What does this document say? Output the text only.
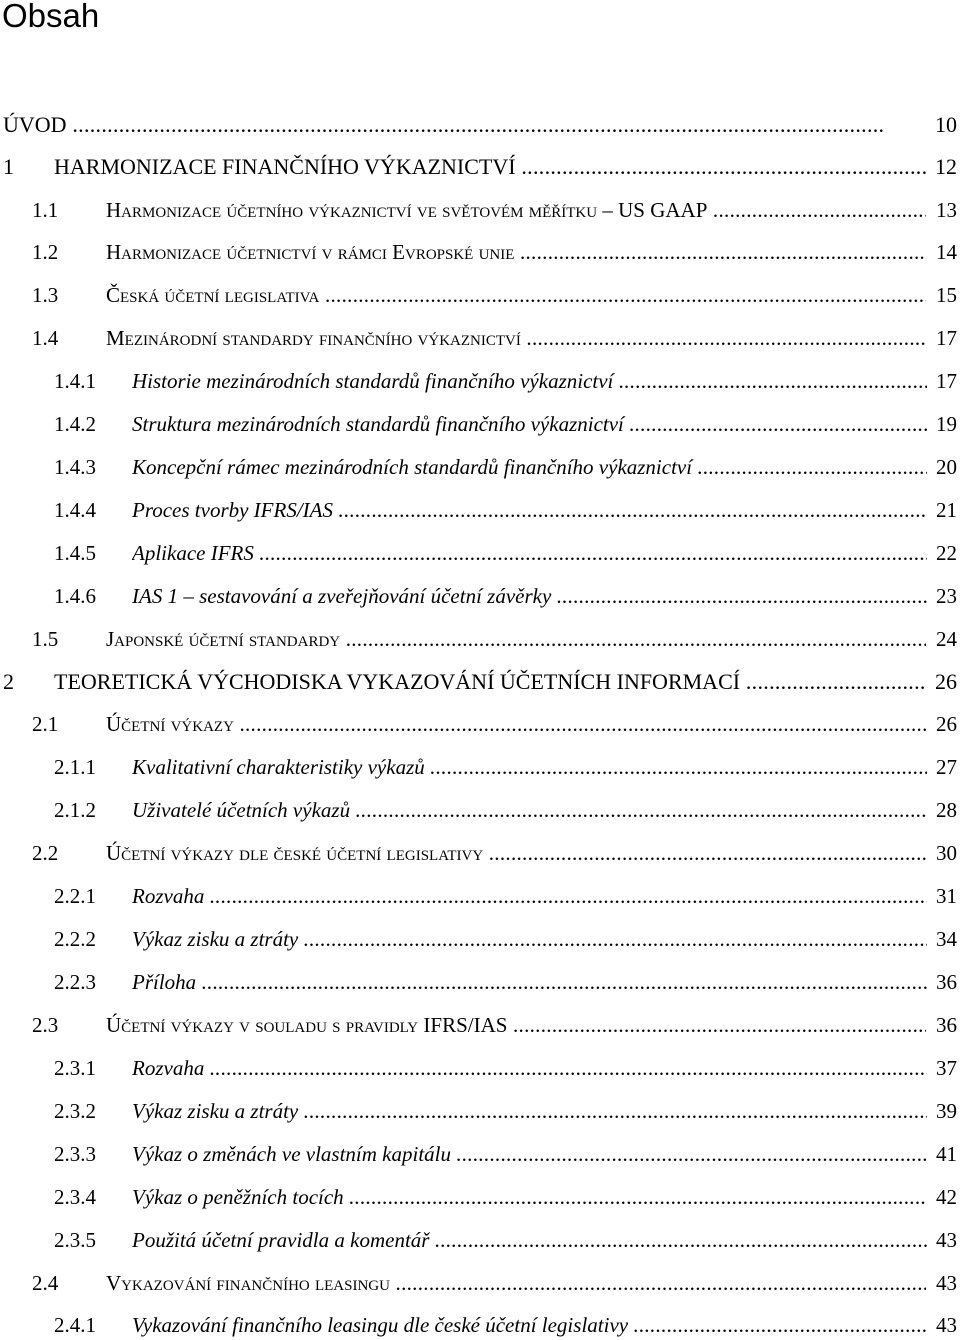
Obsah
ÚVOD .....	10
1 HARMONIZACE FINANČNÍHO VÝKAZNICTVÍ .....	12
1.1 Harmonizace účetního výkaznictví ve světovém měřítku – US GAAP .....	13
1.2 Harmonizace účetnictví v rámci Evropské unie .....	14
1.3 Česká účetní legislativa .....	15
1.4 Mezinárodní standardy finančního výkaznictví .....	17
1.4.1 Historie mezinárodních standardů finančního výkaznictví .....	17
1.4.2 Struktura mezinárodních standardů finančního výkaznictví .....	19
1.4.3 Koncepční rámec mezinárodních standardů finančního výkaznictví .....	20
1.4.4 Proces tvorby IFRS/IAS .....	21
1.4.5 Aplikace IFRS .....	22
1.4.6 IAS 1 – sestavování a zveřejňování účetní závěrky .....	23
1.5 Japonské účetní standardy .....	24
2 TEORETICKÁ VÝCHODISKA VYKAZOVÁNÍ ÚČETNÍCH INFORMACÍ .....	26
2.1 Účetní výkazy .....	26
2.1.1 Kvalitativní charakteristiky výkazů .....	27
2.1.2 Uživatelé účetních výkazů .....	28
2.2 Účetní výkazy dle české účetní legislativy .....	30
2.2.1 Rozvaha .....	31
2.2.2 Výkaz zisku a ztráty .....	34
2.2.3 Příloha .....	36
2.3 Účetní výkazy v souladu s pravidly IFRS/IAS .....	36
2.3.1 Rozvaha .....	37
2.3.2 Výkaz zisku a ztráty .....	39
2.3.3 Výkaz o změnách ve vlastním kapitálu .....	41
2.3.4 Výkaz o peněžních tocích .....	42
2.3.5 Použitá účetní pravidla a komentář .....	43
2.4 Vykazování finančního leasingu .....	43
2.4.1 Vykazování finančního leasingu dle české účetní legislativy .....	43
